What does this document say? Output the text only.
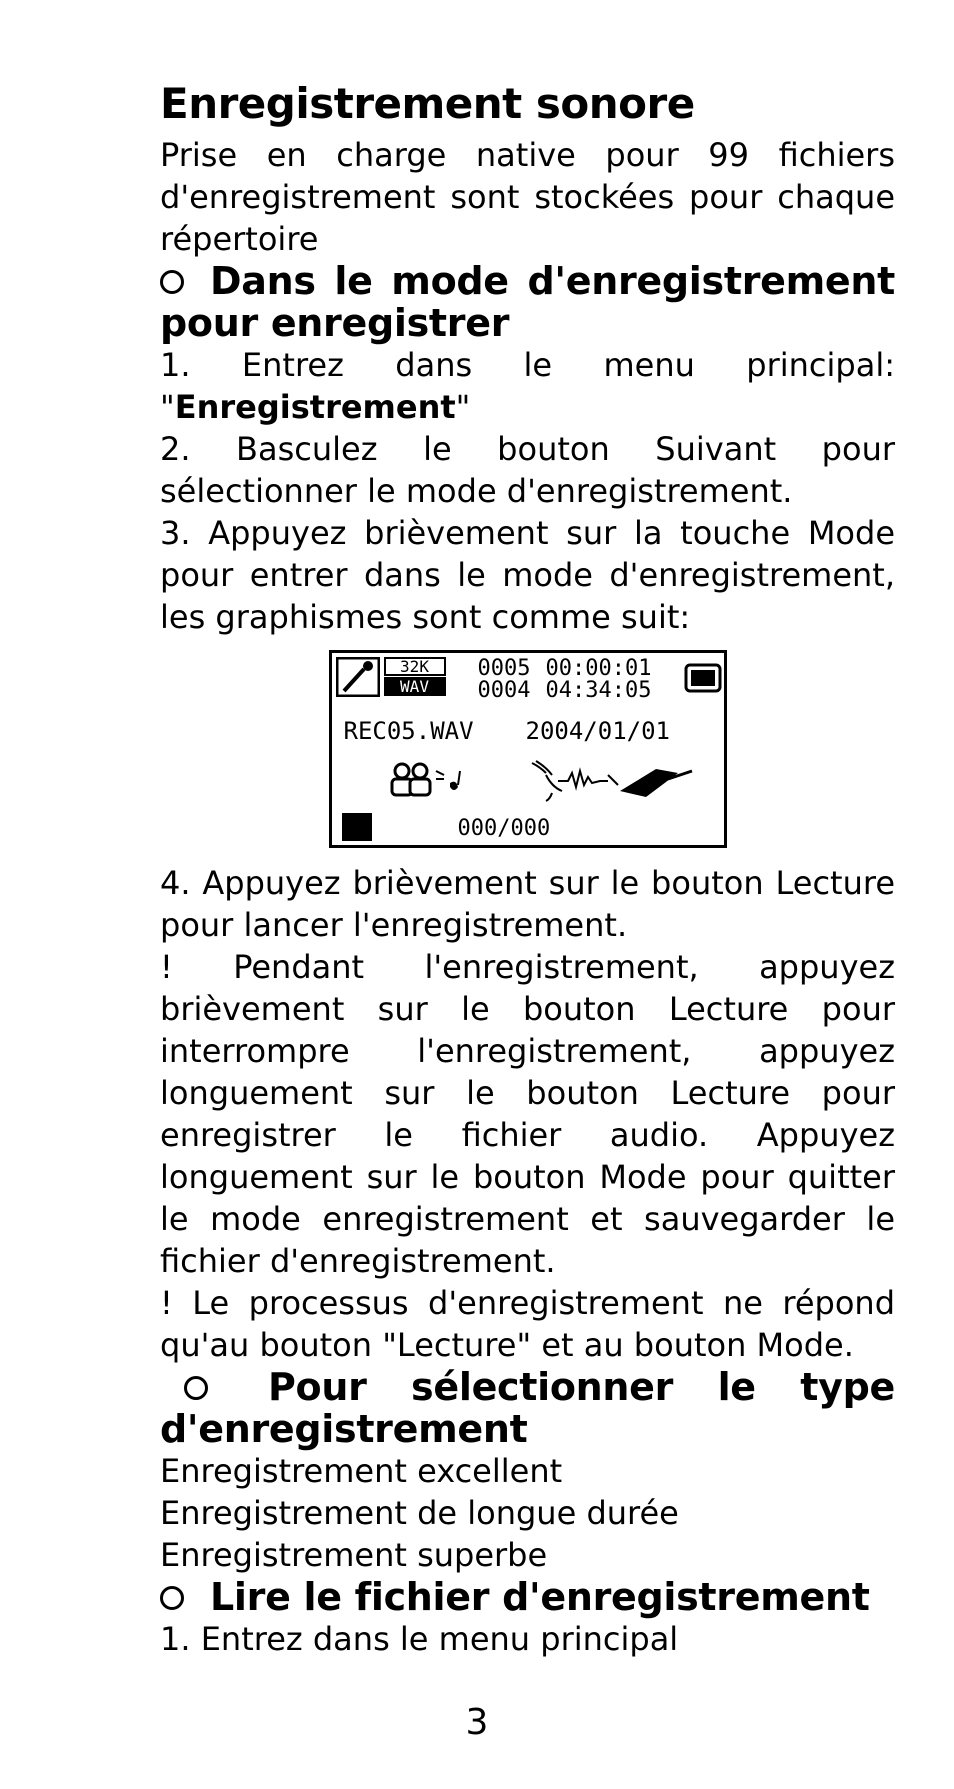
Enregistrement sonore

Prise en charge native pour 99 fichiers d'enregistrement sont stockées pour chaque répertoire

Dans le mode d'enregistrement pour enregistrer

1. Entrez dans le menu principal:

"Enregistrement"

2. Basculez le bouton Suivant pour sélectionner le mode d'enregistrement.

3. Appuyez brièvement sur la touche Mode pour entrer dans le mode d'enregistrement, les graphismes sont comme suit:

32K
WAV
0005 00:00:01
0004 04:34:05
REC05.WAV 2004/01/01
000/000

4. Appuyez brièvement sur le bouton Lecture pour lancer l'enregistrement.

! Pendant l'enregistrement, appuyez brièvement sur le bouton Lecture pour interrompre l'enregistrement, appuyez longuement sur le bouton Lecture pour enregistrer le fichier audio. Appuyez longuement sur le bouton Mode pour quitter le mode enregistrement et sauvegarder le fichier d'enregistrement.

! Le processus d'enregistrement ne répond qu'au bouton "Lecture" et au bouton Mode.

Pour sélectionner le type d'enregistrement

Enregistrement excellent

Enregistrement de longue durée

Enregistrement superbe

Lire le fichier d'enregistrement

1. Entrez dans le menu principal

3
